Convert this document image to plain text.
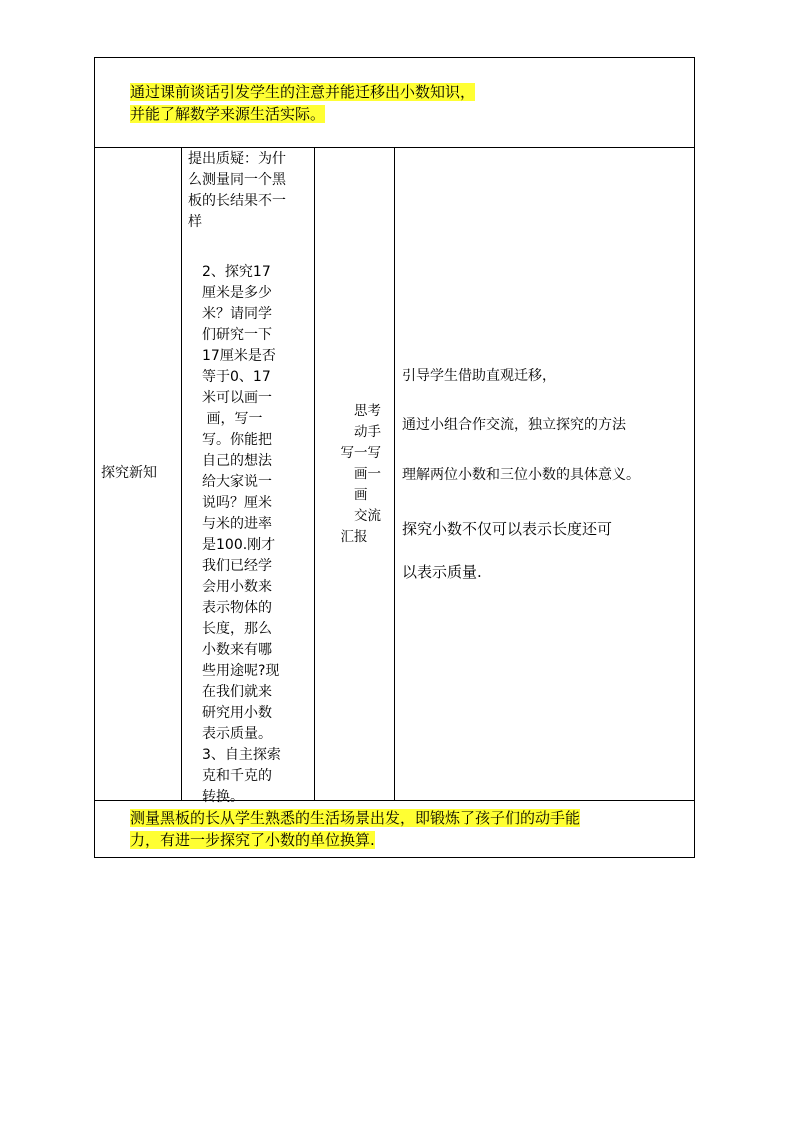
通过课前谈话引发学生的注意并能迁移出小数知识，
并能了解数学来源生活实际。
探究新知
提出质疑：为什
么测量同一个黑
板的长结果不一
样
　2、探究17
　厘米是多少
　米？请同学
　们研究一下
　17厘米是否
　等于0、17
　米可以画一
　 画，写一
　写。你能把
　自己的想法
　给大家说一
　说吗？厘米
　与米的进率
　是100.刚才
　我们已经学
　会用小数来
　表示物体的
　长度，那么
　小数来有哪
　些用途呢?现
　在我们就来
　研究用小数
　表示质量。
　3、自主探索
　克和千克的
　转换。
　　思考
　　动手
　写一写
　　画一
　　画
　　交流
　汇报
引导学生借助直观迁移，
通过小组合作交流，独立探究的方法
理解两位小数和三位小数的具体意义。
探究小数不仅可以表示长度还可
以表示质量.
测量黑板的长从学生熟悉的生活场景出发，即锻炼了孩子们的动手能
力，有进一步探究了小数的单位换算.
